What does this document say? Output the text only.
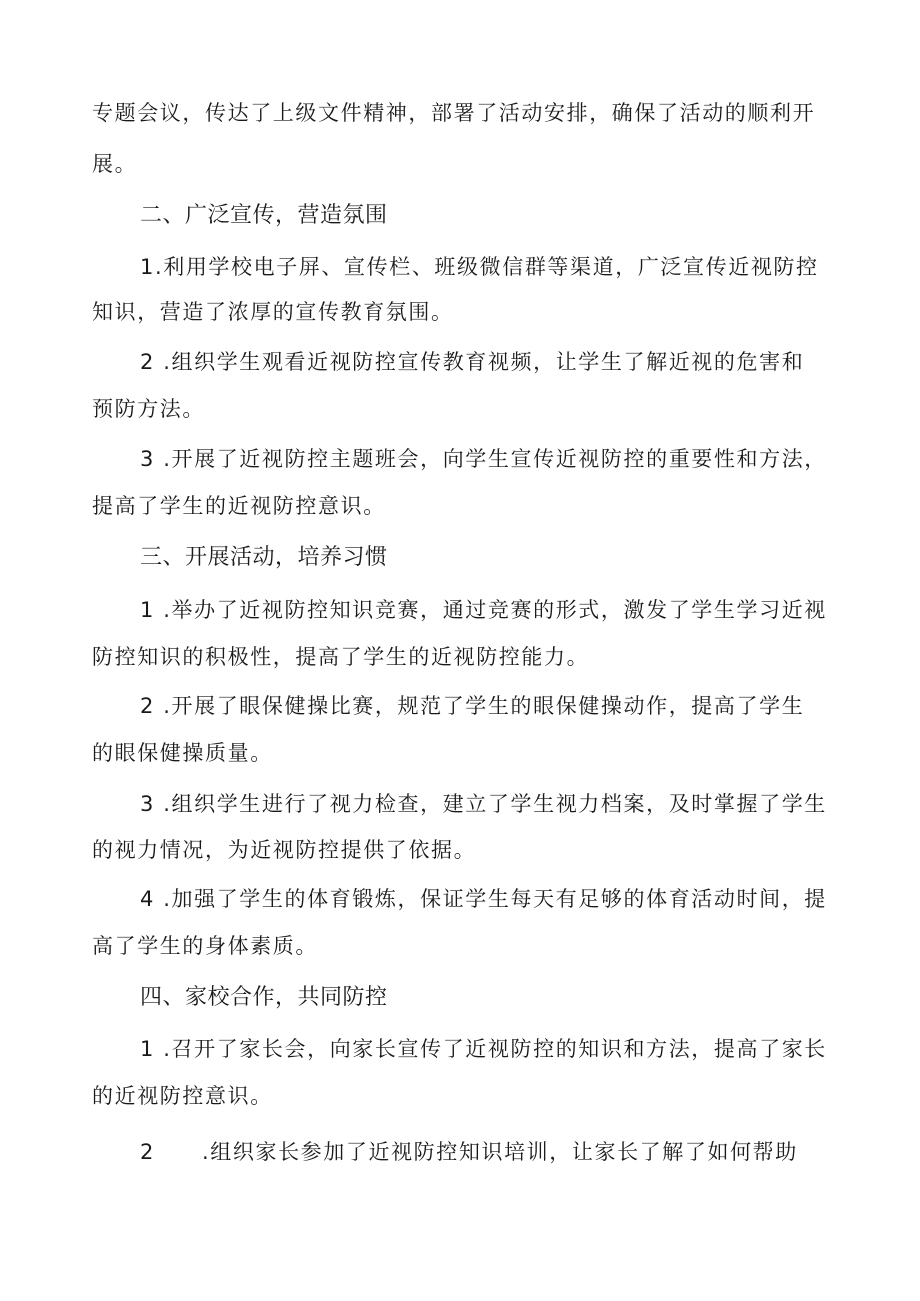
专题会议，传达了上级文件精神，部署了活动安排，确保了活动的顺利开
展。
二、广泛宣传，营造氛围
1.利用学校电子屏、宣传栏、班级微信群等渠道，广泛宣传近视防控
知识，营造了浓厚的宣传教育氛围。
2 .组织学生观看近视防控宣传教育视频，让学生了解近视的危害和
预防方法。
3 .开展了近视防控主题班会，向学生宣传近视防控的重要性和方法，
提高了学生的近视防控意识。
三、开展活动，培养习惯
1 .举办了近视防控知识竞赛，通过竞赛的形式，激发了学生学习近视
防控知识的积极性，提高了学生的近视防控能力。
2 .开展了眼保健操比赛，规范了学生的眼保健操动作，提高了学生
的眼保健操质量。
3 .组织学生进行了视力检查，建立了学生视力档案，及时掌握了学生
的视力情况，为近视防控提供了依据。
4 .加强了学生的体育锻炼，保证学生每天有足够的体育活动时间，提
高了学生的身体素质。
四、家校合作，共同防控
1 .召开了家长会，向家长宣传了近视防控的知识和方法，提高了家长
的近视防控意识。
2 .组织家长参加了近视防控知识培训，让家长了解了如何帮助
